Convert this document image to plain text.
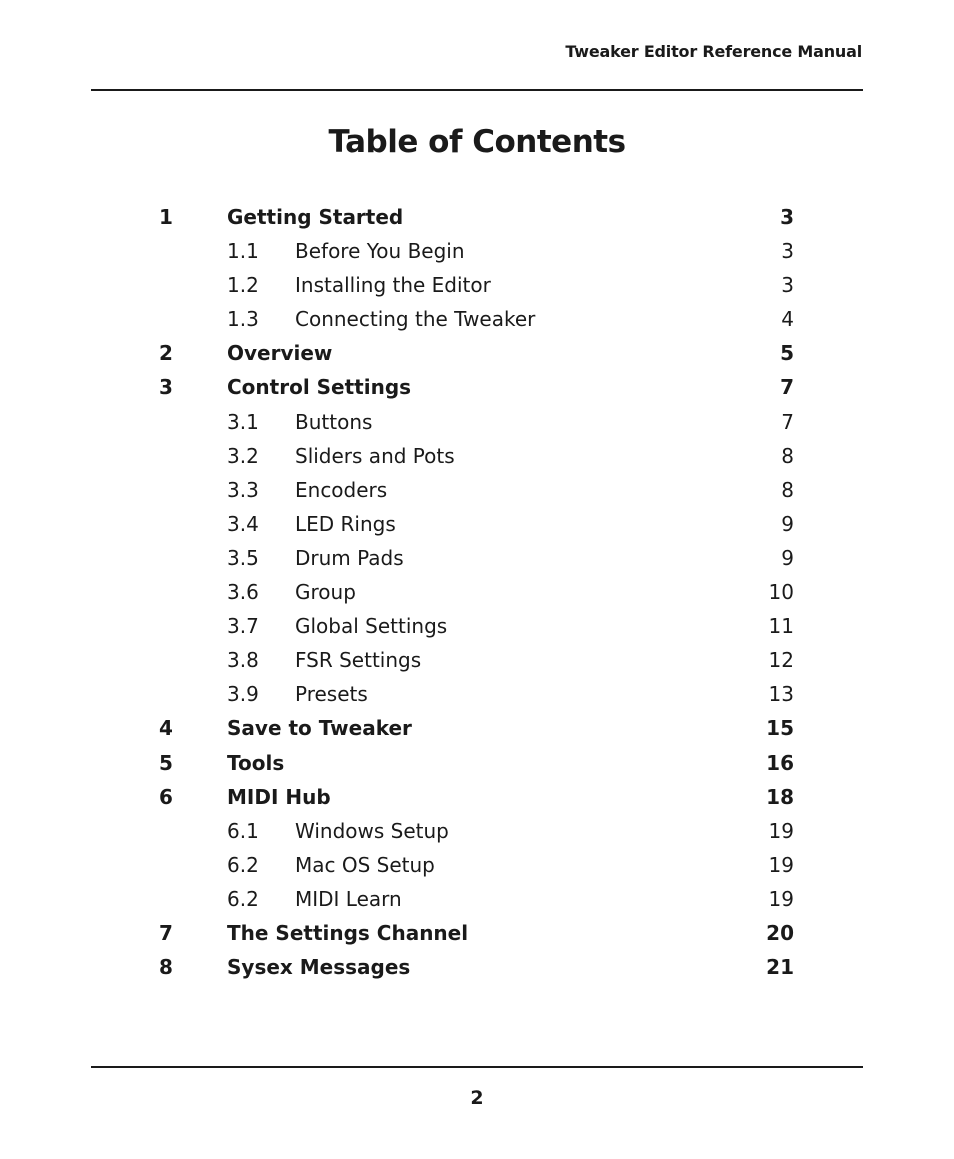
Tweaker Editor Reference Manual
Table of Contents
1	Getting Started	3
1.1 Before You Begin	3
1.2 Installing the Editor	3
1.3 Connecting the Tweaker	4
2	Overview	5
3	Control Settings	7
3.1 Buttons	7
3.2 Sliders and Pots	8
3.3 Encoders	8
3.4 LED Rings	9
3.5 Drum Pads	9
3.6 Group	10
3.7 Global Settings	11
3.8 FSR Settings	12
3.9 Presets	13
4	Save to Tweaker	15
5	Tools	16
6	MIDI Hub	18
6.1 Windows Setup	19
6.2 Mac OS Setup	19
6.2 MIDI Learn	19
7	The Settings Channel	20
8	Sysex Messages	21
2
